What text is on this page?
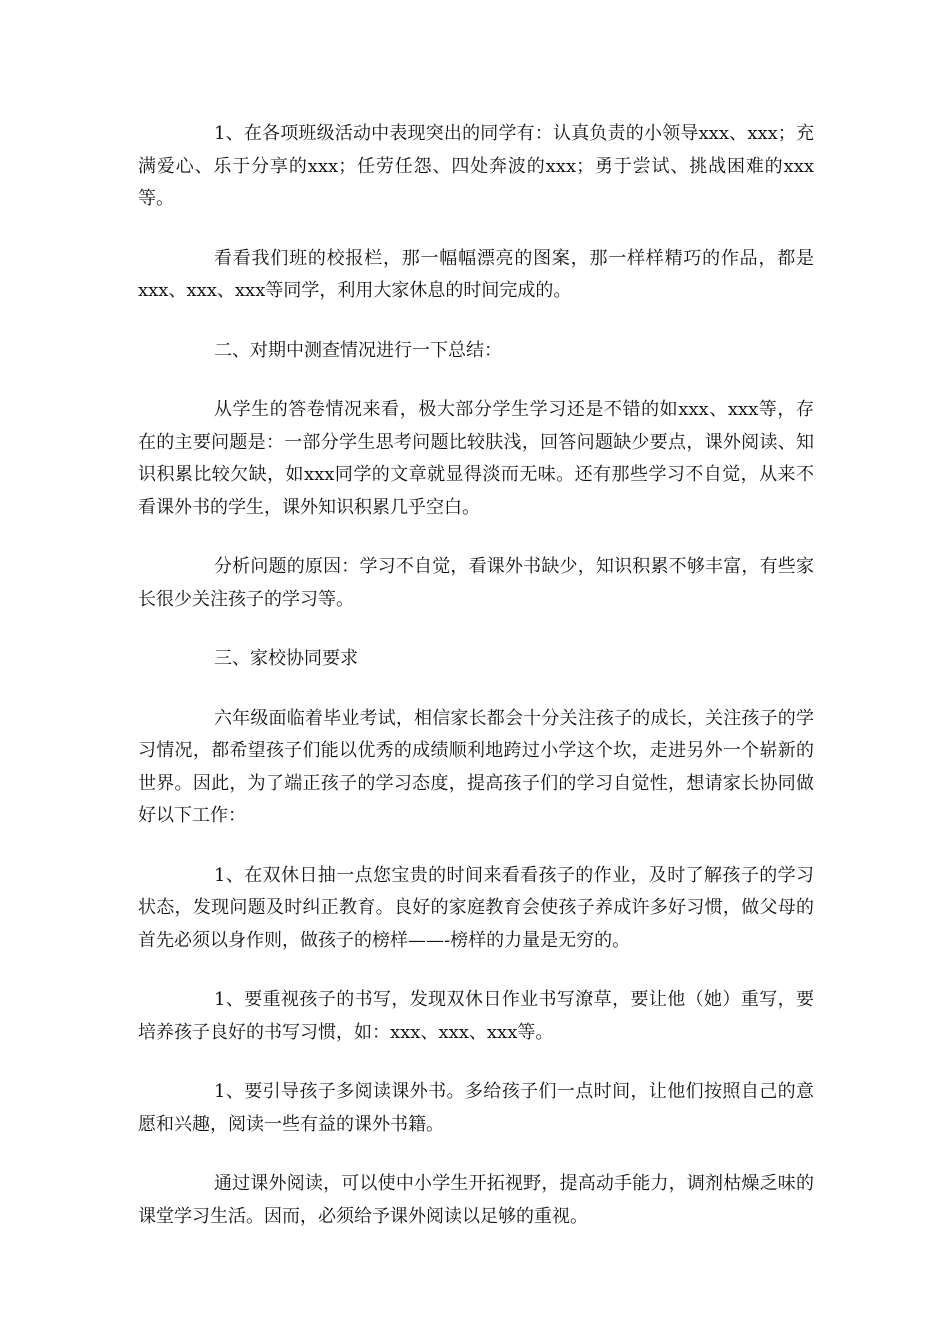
1、在各项班级活动中表现突出的同学有：认真负责的小领导xxx、xxx；充满爱心、乐于分享的xxx；任劳任怨、四处奔波的xxx；勇于尝试、挑战困难的xxx等。

看看我们班的校报栏，那一幅幅漂亮的图案，那一样样精巧的作品，都是xxx、xxx、xxx等同学，利用大家休息的时间完成的。

二、对期中测查情况进行一下总结：

从学生的答卷情况来看，极大部分学生学习还是不错的如xxx、xxx等，存在的主要问题是：一部分学生思考问题比较肤浅，回答问题缺少要点，课外阅读、知识积累比较欠缺，如xxx同学的文章就显得淡而无味。还有那些学习不自觉，从来不看课外书的学生，课外知识积累几乎空白。

分析问题的原因：学习不自觉，看课外书缺少，知识积累不够丰富，有些家长很少关注孩子的学习等。

三、家校协同要求

六年级面临着毕业考试，相信家长都会十分关注孩子的成长，关注孩子的学习情况，都希望孩子们能以优秀的成绩顺利地跨过小学这个坎，走进另外一个崭新的世界。因此，为了端正孩子的学习态度，提高孩子们的学习自觉性，想请家长协同做好以下工作：

1、在双休日抽一点您宝贵的时间来看看孩子的作业，及时了解孩子的学习状态，发现问题及时纠正教育。良好的家庭教育会使孩子养成许多好习惯，做父母的首先必须以身作则，做孩子的榜样——-榜样的力量是无穷的。

1、要重视孩子的书写，发现双休日作业书写潦草，要让他（她）重写，要培养孩子良好的书写习惯，如：xxx、xxx、xxx等。

1、要引导孩子多阅读课外书。多给孩子们一点时间，让他们按照自己的意愿和兴趣，阅读一些有益的课外书籍。

通过课外阅读，可以使中小学生开拓视野，提高动手能力，调剂枯燥乏味的课堂学习生活。因而，必须给予课外阅读以足够的重视。
